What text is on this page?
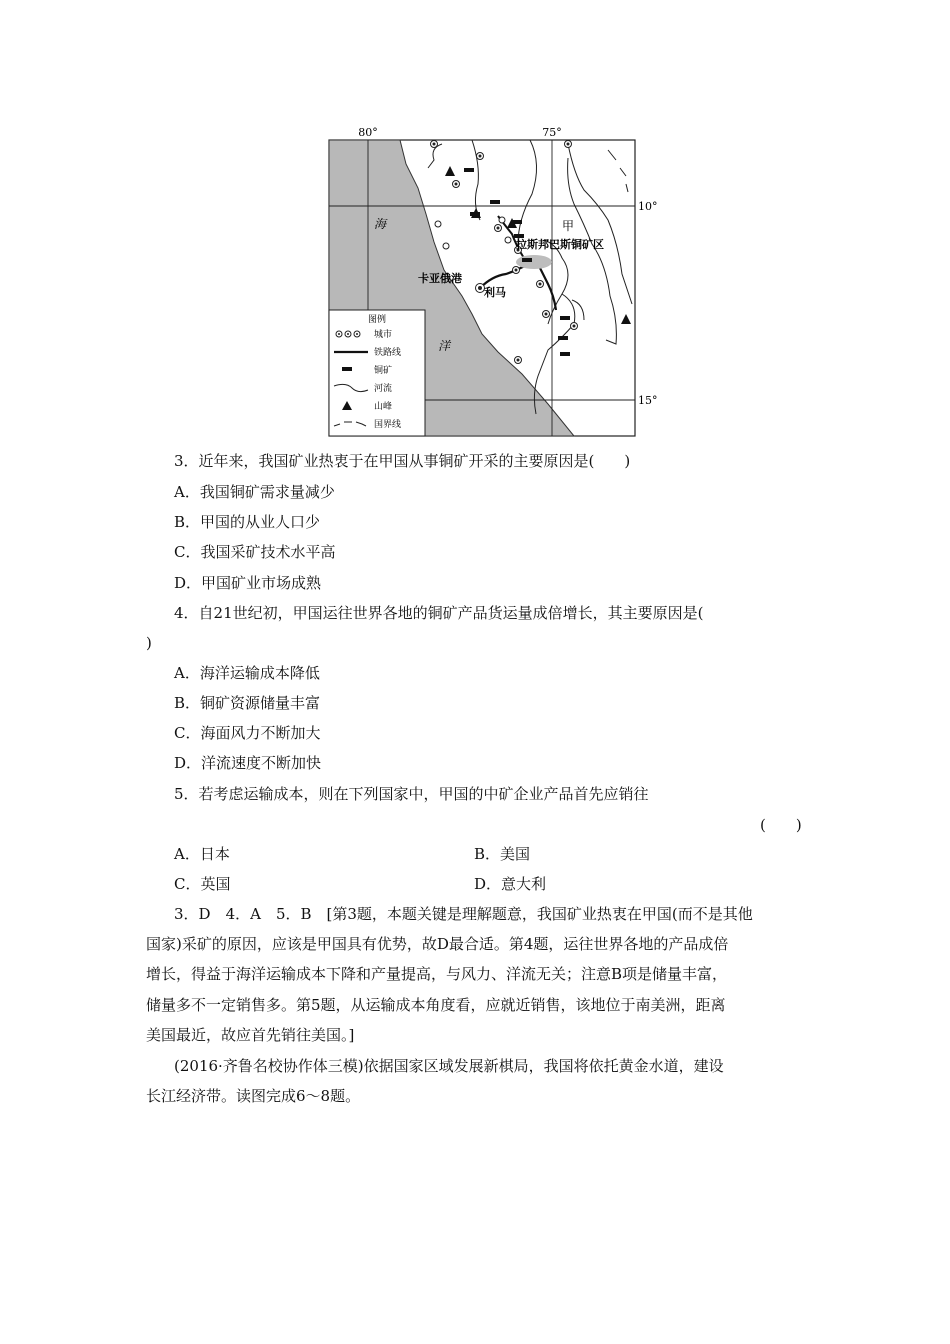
80°	75°
10°
15°
海
洋
甲
拉斯邦巴斯铜矿区
卡亚俄港
利马
图例
城市
铁路线
铜矿
河流
山峰
国界线
3．近年来，我国矿业热衷于在甲国从事铜矿开采的主要原因是(　　)
A．我国铜矿需求量减少
B．甲国的从业人口少
C．我国采矿技术水平高
D．甲国矿业市场成熟
4．自21世纪初，甲国运往世界各地的铜矿产品货运量成倍增长，其主要原因是(
)
A．海洋运输成本降低
B．铜矿资源储量丰富
C．海面风力不断加大
D．洋流速度不断加快
5．若考虑运输成本，则在下列国家中，甲国的中矿企业产品首先应销往
(　　)
A．日本	B．美国
C．英国	D．意大利
3．D　4．A　5．B　[第3题，本题关键是理解题意，我国矿业热衷在甲国(而不是其他
国家)采矿的原因，应该是甲国具有优势，故D最合适。第4题，运往世界各地的产品成倍
增长，得益于海洋运输成本下降和产量提高，与风力、洋流无关；注意B项是储量丰富，
储量多不一定销售多。第5题，从运输成本角度看，应就近销售，该地位于南美洲，距离
美国最近，故应首先销往美国。]
(2016·齐鲁名校协作体三模)依据国家区域发展新棋局，我国将依托黄金水道，建设
长江经济带。读图完成6～8题。
